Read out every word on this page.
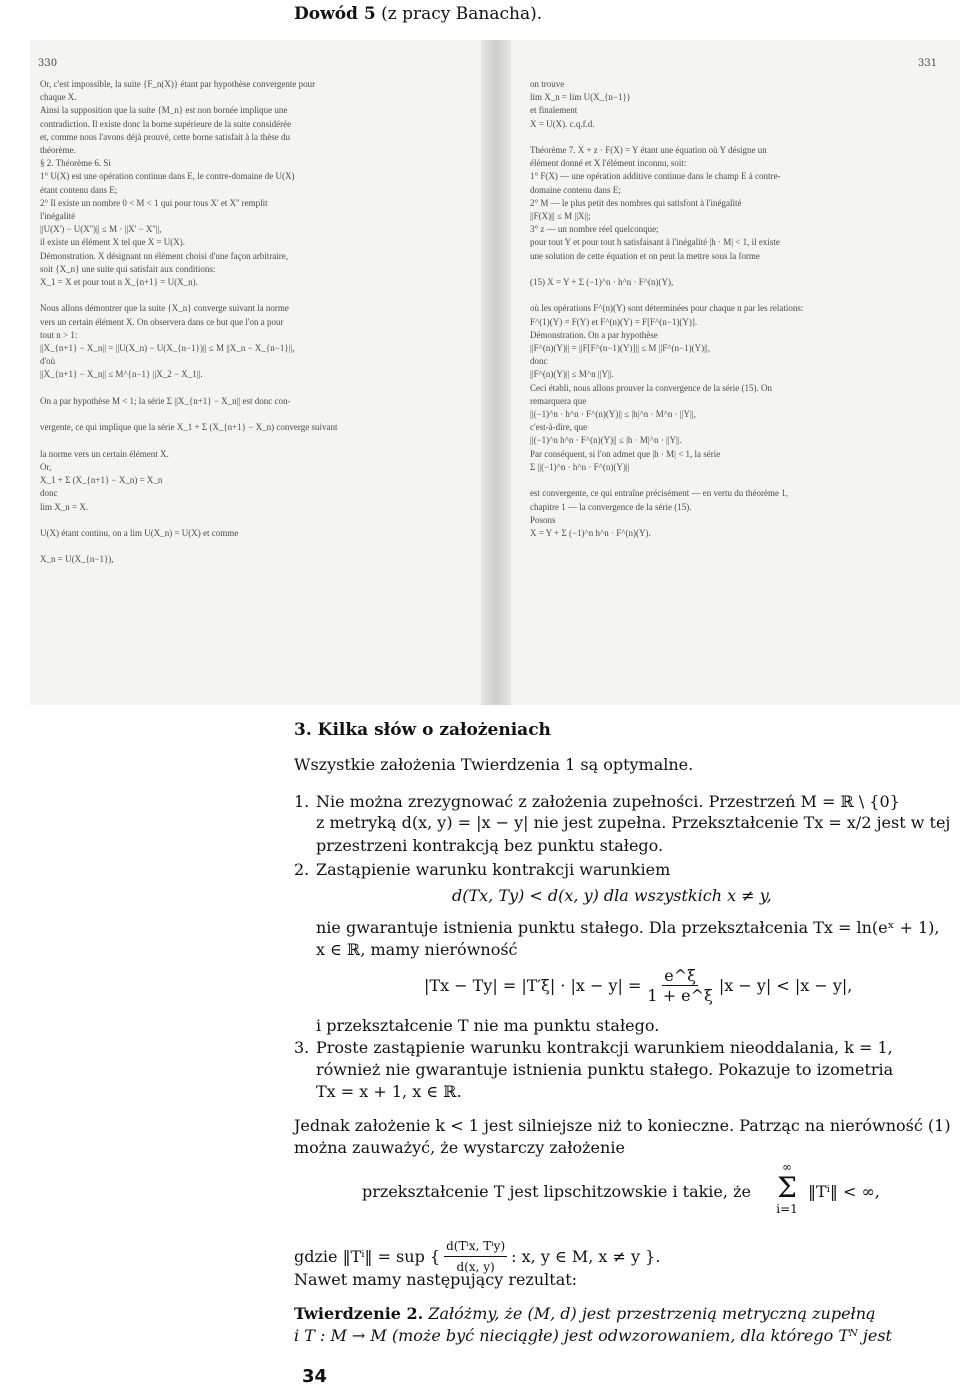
Dowód 5 (z pracy Banacha).
330	331
Or, c'est impossible, la suite {F_n(X)} étant par hypothèse convergente pour
chaque X.
Ainsi la supposition que la suite {M_n} est non bornée implique une
contradiction. Il existe donc la borne supérieure de la suite considérée
et, comme nous l'avons déjà prouvé, cette borne satisfait à la thèse du
théorème.
§ 2. Théorème 6. Si
1° U(X) est une opération continue dans E, le contre-domaine de U(X)
étant contenu dans E;
2° Il existe un nombre 0 < M < 1 qui pour tous X' et X'' remplit
l'inégalité
||U(X') − U(X'')|| ≤ M · ||X' − X''||,
il existe un élément X tel que X = U(X).
Démonstration. X désignant un élément choisi d'une façon arbitraire,
soit {X_n} une suite qui satisfait aux conditions:
X_1 = X et pour tout n X_{n+1} = U(X_n).

Nous allons démontrer que la suite {X_n} converge suivant la norme
vers un certain élément X. On observera dans ce but que l'on a pour
tout n > 1:
||X_{n+1} − X_n|| = ||U(X_n) − U(X_{n−1})|| ≤ M ||X_n − X_{n−1}||,
d'où
||X_{n+1} − X_n|| ≤ M^{n−1} ||X_2 − X_1||.

On a par hypothèse M < 1; la série Σ ||X_{n+1} − X_n|| est donc con-

vergente, ce qui implique que la série X_1 + Σ (X_{n+1} − X_n) converge suivant

la norme vers un certain élément X.
Or,
X_1 + Σ (X_{n+1} − X_n) = X_n
donc
lim X_n = X.

U(X) étant continu, on a lim U(X_n) = U(X) et comme

X_n = U(X_{n−1}),
on trouve
lim X_n = lim U(X_{n−1})
et finalement
X = U(X). c.q.f.d.

Théorème 7. X + z · F(X) = Y étant une équation où Y désigne un
élément donné et X l'élément inconnu, soit:
1° F(X) — une opération additive continue dans le champ E à contre-
domaine contenu dans E;
2° M — le plus petit des nombres qui satisfont à l'inégalité
||F(X)|| ≤ M ||X||;
3° z — un nombre réel quelconque;
pour tout Y et pour tout h satisfaisant à l'inégalité |h · M| < 1, il existe
une solution de cette équation et on peut la mettre sous la forme

(15) X = Y + Σ (−1)^n · h^n · F^(n)(Y),

où les opérations F^(n)(Y) sont déterminées pour chaque n par les relations:
F^(1)(Y) = F(Y) et F^(n)(Y) = F[F^(n−1)(Y)].
Démonstration. On a par hypothèse
||F^(n)(Y)|| = ||F[F^(n−1)(Y)]|| ≤ M ||F^(n−1)(Y)||,
donc
||F^(n)(Y)|| ≤ M^n ||Y||.
Ceci établi, nous allons prouver la convergence de la série (15). On
remarquera que
||(−1)^n · h^n · F^(n)(Y)|| ≤ |h|^n · M^n · ||Y||,
c'est-à-dire, que
||(−1)^n h^n · F^(n)(Y)|| ≤ |h · M|^n · ||Y||.
Par conséquent, si l'on admet que |h · M| < 1, la série
Σ ||(−1)^n · h^n · F^(n)(Y)||

est convergente, ce qui entraîne précisément — en vertu du théorème 1,
chapitre 1 — la convergence de la série (15).
Posons
X = Y + Σ (−1)^n h^n · F^(n)(Y).
3. Kilka słów o założeniach
Wszystkie założenia Twierdzenia 1 są optymalne.
1. Nie można zrezygnować z założenia zupełności. Przestrzeń M = ℝ \ {0}
z metryką d(x, y) = |x − y| nie jest zupełna. Przekształcenie Tx = x/2 jest w tej
przestrzeni kontrakcją bez punktu stałego.
2. Zastąpienie warunku kontrakcji warunkiem
d(Tx, Ty) < d(x, y) dla wszystkich x ≠ y,
nie gwarantuje istnienia punktu stałego. Dla przekształcenia Tx = ln(eˣ + 1),
x ∈ ℝ, mamy nierówność
$|Tx - Ty| = |T'\xi| \cdot |x - y| = \frac{e\^{}\xi}{1 + e\^{}\xi} |x - y| < |x - y|$,
i przekształcenie T nie ma punktu stałego.
3. Proste zastąpienie warunku kontrakcji warunkiem nieoddalania, k = 1,
również nie gwarantuje istnienia punktu stałego. Pokazuje to izometria
Tx = x + 1, x ∈ ℝ.
Jednak założenie k < 1 jest silniejsze niż to konieczne. Patrząc na nierówność (1)
można zauważyć, że wystarczy założenie
przekształcenie T jest lipschitzowskie i takie, że
∞
Σ
i=1
‖Tⁱ‖ < ∞,
gdzie ‖Tⁱ‖ = sup { $\frac{\text{d(Tⁱx, Tⁱy)}}{d(x, y)}$ : x, y ∈ M, x ≠ y }.
Nawet mamy następujący rezultat:
Twierdzenie 2. Załóżmy, że (M, d) jest przestrzenią metryczną zupełną
i T : M → M (może być nieciągłe) jest odwzorowaniem, dla którego Tᴺ jest
34
